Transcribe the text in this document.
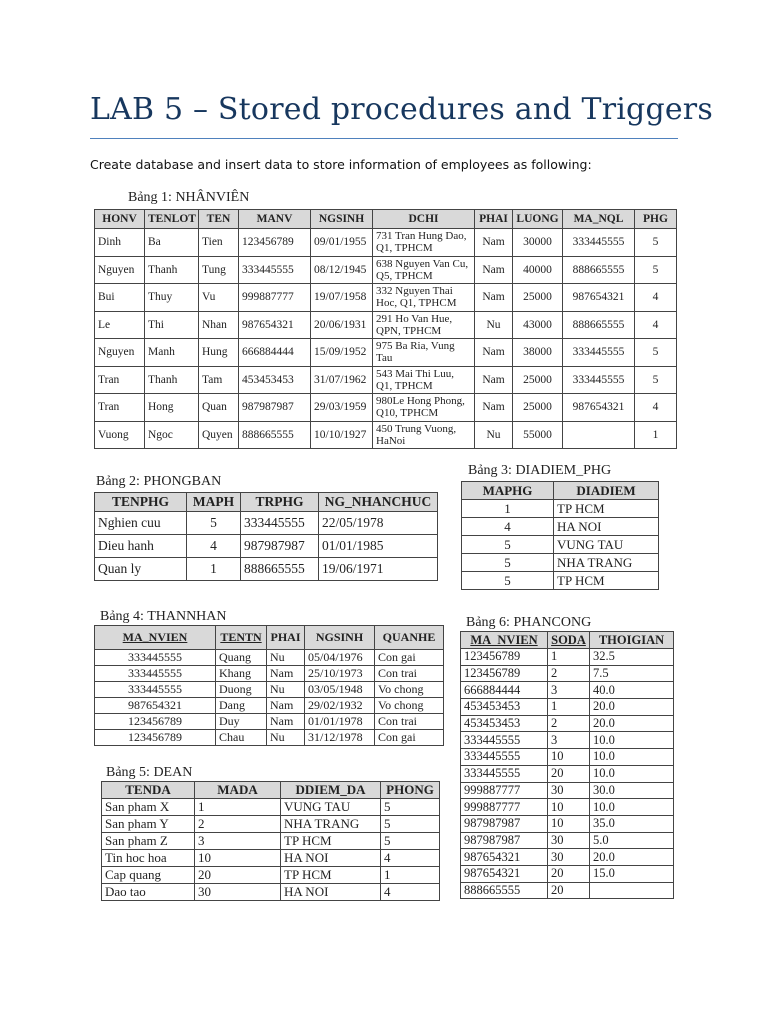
LAB 5 – Stored procedures and Triggers

Create database and insert data to store information of employees as following:

Bảng 1: NHÂNVIÊN

HONV	TENLOT	TEN	MANV	NGSINH	DCHI	PHAI	LUONG	MA_NQL	PHG
Dinh	Ba	Tien	123456789	09/01/1955	731 Tran Hung Dao, Q1, TPHCM	Nam	30000	333445555	5
Nguyen	Thanh	Tung	333445555	08/12/1945	638 Nguyen Van Cu, Q5, TPHCM	Nam	40000	888665555	5
Bui	Thuy	Vu	999887777	19/07/1958	332 Nguyen Thai Hoc, Q1, TPHCM	Nam	25000	987654321	4
Le	Thi	Nhan	987654321	20/06/1931	291 Ho Van Hue, QPN, TPHCM	Nu	43000	888665555	4
Nguyen	Manh	Hung	666884444	15/09/1952	975 Ba Ria, Vung Tau	Nam	38000	333445555	5
Tran	Thanh	Tam	453453453	31/07/1962	543 Mai Thi Luu, Q1, TPHCM	Nam	25000	333445555	5
Tran	Hong	Quan	987987987	29/03/1959	980Le Hong Phong, Q10, TPHCM	Nam	25000	987654321	4
Vuong	Ngoc	Quyen	888665555	10/10/1927	450 Trung Vuong, HaNoi	Nu	55000		1

Bảng 2: PHONGBAN

TENPHG	MAPH	TRPHG	NG_NHANCHUC
Nghien cuu	5	333445555	22/05/1978
Dieu hanh	4	987987987	01/01/1985
Quan ly	1	888665555	19/06/1971

Bảng 3: DIADIEM_PHG

MAPHG	DIADIEM
1	TP HCM
4	HA NOI
5	VUNG TAU
5	NHA TRANG
5	TP HCM

Bảng 4: THANNHAN

MA_NVIEN	TENTN	PHAI	NGSINH	QUANHE
333445555	Quang	Nu	05/04/1976	Con gai
333445555	Khang	Nam	25/10/1973	Con trai
333445555	Duong	Nu	03/05/1948	Vo chong
987654321	Dang	Nam	29/02/1932	Vo chong
123456789	Duy	Nam	01/01/1978	Con trai
123456789	Chau	Nu	31/12/1978	Con gai

Bảng 5: DEAN

TENDA	MADA	DDIEM_DA	PHONG
San pham X	1	VUNG TAU	5
San pham Y	2	NHA TRANG	5
San pham Z	3	TP HCM	5
Tin hoc hoa	10	HA NOI	4
Cap quang	20	TP HCM	1
Dao tao	30	HA NOI	4

Bảng 6: PHANCONG

MA_NVIEN	SODA	THOIGIAN
123456789	1	32.5
123456789	2	7.5
666884444	3	40.0
453453453	1	20.0
453453453	2	20.0
333445555	3	10.0
333445555	10	10.0
333445555	20	10.0
999887777	30	30.0
999887777	10	10.0
987987987	10	35.0
987987987	30	5.0
987654321	30	20.0
987654321	20	15.0
888665555	20	
